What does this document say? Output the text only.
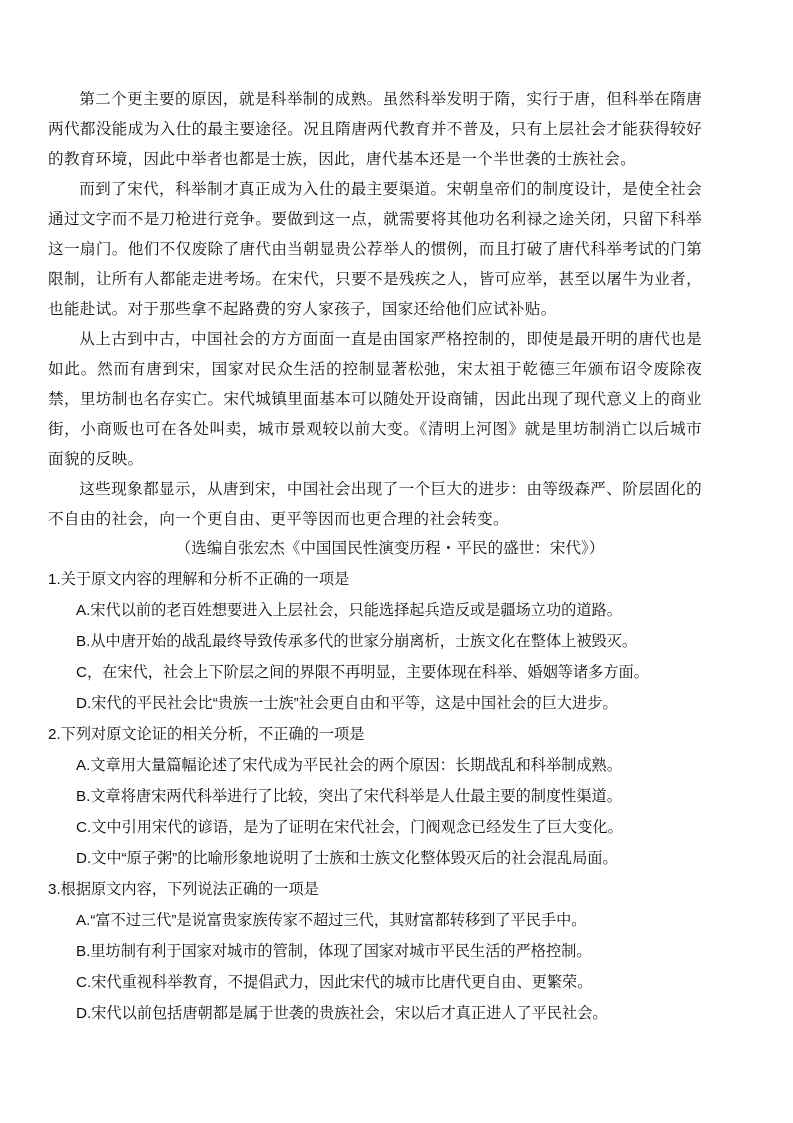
第二个更主要的原因，就是科举制的成熟。虽然科举发明于隋，实行于唐，但科举在隋唐两代都没能成为入仕的最主要途径。况且隋唐两代教育并不普及，只有上层社会才能获得较好的教育环境，因此中举者也都是士族，因此，唐代基本还是一个半世袭的士族社会。

而到了宋代，科举制才真正成为入仕的最主要渠道。宋朝皇帝们的制度设计，是使全社会通过文字而不是刀枪进行竞争。要做到这一点，就需要将其他功名利禄之途关闭，只留下科举这一扇门。他们不仅废除了唐代由当朝显贵公荐举人的惯例，而且打破了唐代科举考试的门第限制，让所有人都能走进考场。在宋代，只要不是残疾之人，皆可应举，甚至以屠牛为业者，也能赴试。对于那些拿不起路费的穷人家孩子，国家还给他们应试补贴。

从上古到中古，中国社会的方方面面一直是由国家严格控制的，即使是最开明的唐代也是如此。然而有唐到宋，国家对民众生活的控制显著松弛，宋太祖于乾德三年颁布诏令废除夜禁，里坊制也名存实亡。宋代城镇里面基本可以随处开设商铺，因此出现了现代意义上的商业街，小商贩也可在各处叫卖，城市景观较以前大变。《清明上河图》就是里坊制消亡以后城市面貌的反映。

这些现象都显示，从唐到宋，中国社会出现了一个巨大的进步：由等级森严、阶层固化的不自由的社会，向一个更自由、更平等因而也更合理的社会转变。

（选编自张宏杰《中国国民性演变历程・平民的盛世：宋代》）

1.关于原文内容的理解和分析不正确的一项是

A.宋代以前的老百姓想要进入上层社会，只能选择起兵造反或是疆场立功的道路。

B.从中唐开始的战乱最终导致传承多代的世家分崩离析，士族文化在整体上被毁灭。

C，在宋代，社会上下阶层之间的界限不再明显，主要体现在科举、婚姻等诸多方面。

D.宋代的平民社会比“贵族一士族”社会更自由和平等，这是中国社会的巨大进步。

2.下列对原文论证的相关分析，不正确的一项是

A.文章用大量篇幅论述了宋代成为平民社会的两个原因：长期战乱和科举制成熟。

B.文章将唐宋两代科举进行了比较，突出了宋代科举是人仕最主要的制度性渠道。

C.文中引用宋代的谚语，是为了证明在宋代社会，门阀观念已经发生了巨大变化。

D.文中“原子粥”的比喻形象地说明了士族和士族文化整体毁灭后的社会混乱局面。

3.根据原文内容，下列说法正确的一项是

A.“富不过三代”是说富贵家族传家不超过三代，其财富都转移到了平民手中。

B.里坊制有利于国家对城市的管制，体现了国家对城市平民生活的严格控制。

C.宋代重视科举教育，不提倡武力，因此宋代的城市比唐代更自由、更繁荣。

D.宋代以前包括唐朝都是属于世袭的贵族社会，宋以后才真正进人了平民社会。
